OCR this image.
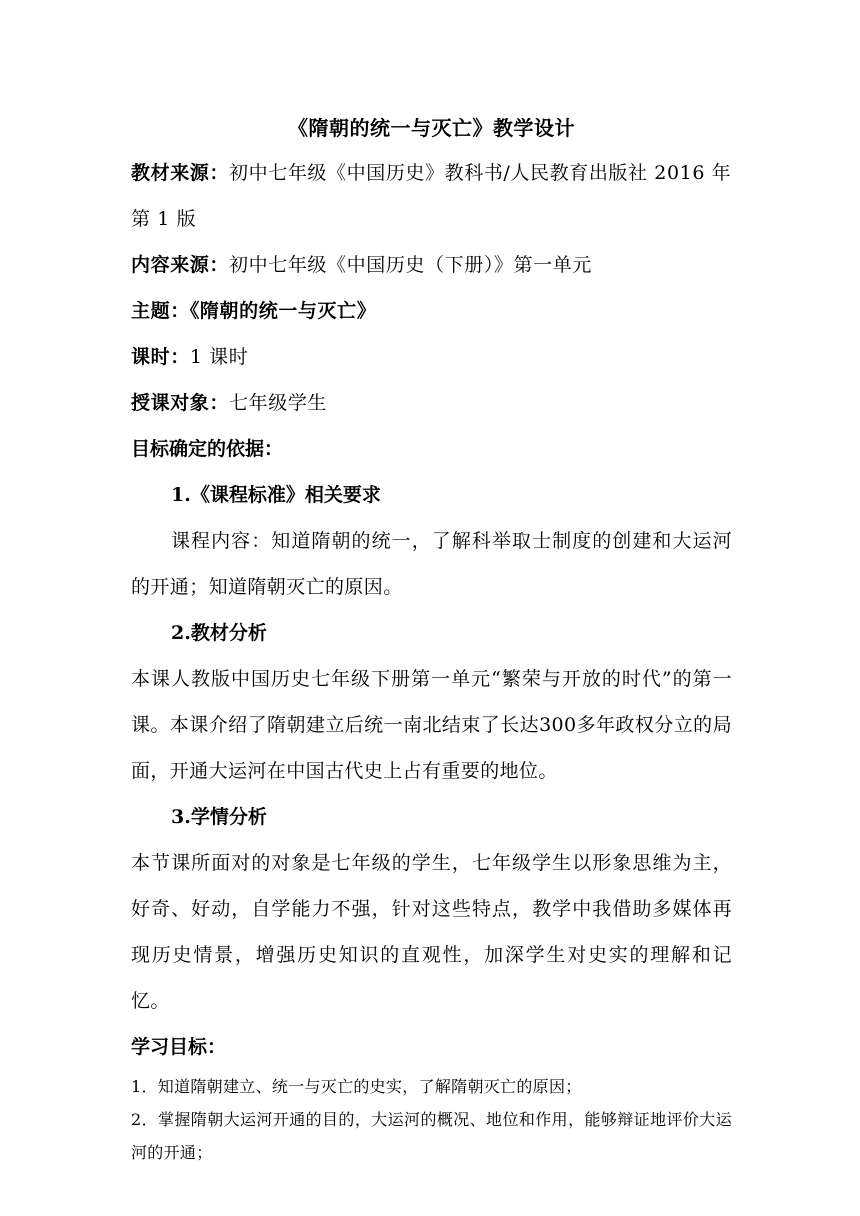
《隋朝的统一与灭亡》教学设计

教材来源：初中七年级《中国历史》教科书/人民教育出版社 2016 年第 1 版

内容来源：初中七年级《中国历史（下册）》第一单元

主题：《隋朝的统一与灭亡》

课时：1 课时

授课对象：七年级学生

目标确定的依据：

1.《课程标准》相关要求

课程内容：知道隋朝的统一，了解科举取士制度的创建和大运河的开通；知道隋朝灭亡的原因。

2.教材分析

本课人教版中国历史七年级下册第一单元“繁荣与开放的时代”的第一课。本课介绍了隋朝建立后统一南北结束了长达300多年政权分立的局面，开通大运河在中国古代史上占有重要的地位。

3.学情分析

本节课所面对的对象是七年级的学生，七年级学生以形象思维为主，好奇、好动，自学能力不强，针对这些特点，教学中我借助多媒体再现历史情景，增强历史知识的直观性，加深学生对史实的理解和记忆。

学习目标：

1．知道隋朝建立、统一与灭亡的史实，了解隋朝灭亡的原因；

2．掌握隋朝大运河开通的目的，大运河的概况、地位和作用，能够辩证地评价大运河的开通；
